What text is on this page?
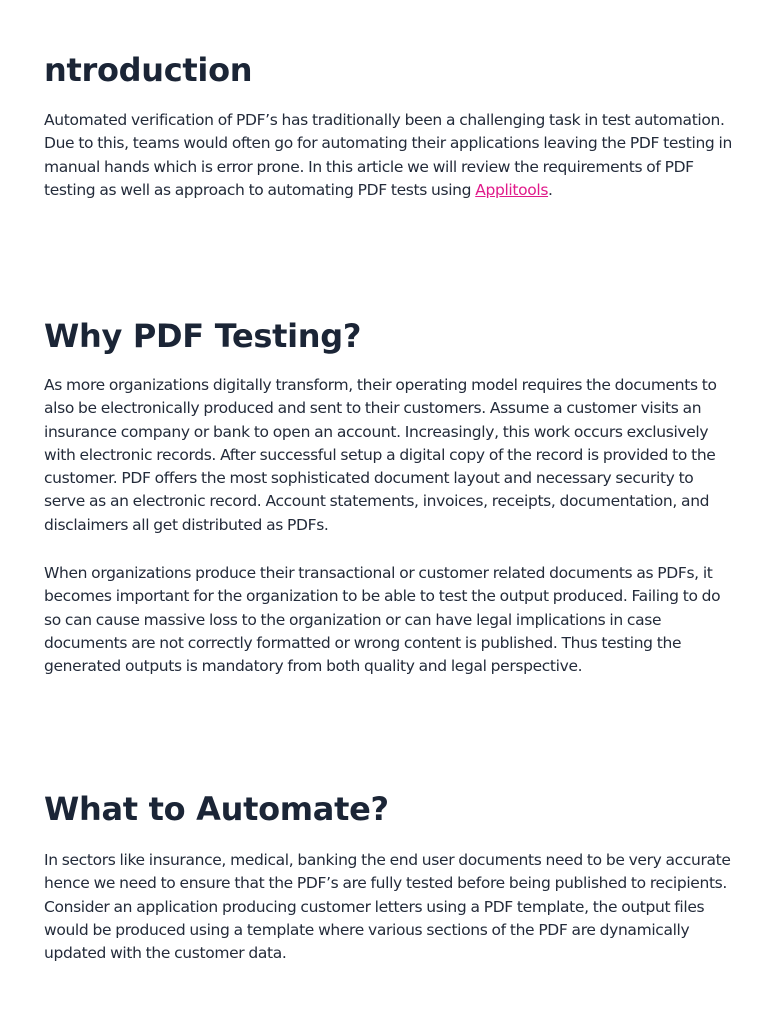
ntroduction

Automated verification of PDF’s has traditionally been a challenging task in test automation. Due to this, teams would often go for automating their applications leaving the PDF testing in manual hands which is error prone. In this article we will review the requirements of PDF testing as well as approach to automating PDF tests using Applitools.

Why PDF Testing?

As more organizations digitally transform, their operating model requires the documents to also be electronically produced and sent to their customers. Assume a customer visits an insurance company or bank to open an account. Increasingly, this work occurs exclusively with electronic records. After successful setup a digital copy of the record is provided to the customer. PDF offers the most sophisticated document layout and necessary security to serve as an electronic record. Account statements, invoices, receipts, documentation, and disclaimers all get distributed as PDFs.

When organizations produce their transactional or customer related documents as PDFs, it becomes important for the organization to be able to test the output produced. Failing to do so can cause massive loss to the organization or can have legal implications in case documents are not correctly formatted or wrong content is published. Thus testing the generated outputs is mandatory from both quality and legal perspective.

What to Automate?

In sectors like insurance, medical, banking the end user documents need to be very accurate hence we need to ensure that the PDF’s are fully tested before being published to recipients. Consider an application producing customer letters using a PDF template, the output files would be produced using a template where various sections of the PDF are dynamically updated with the customer data.
